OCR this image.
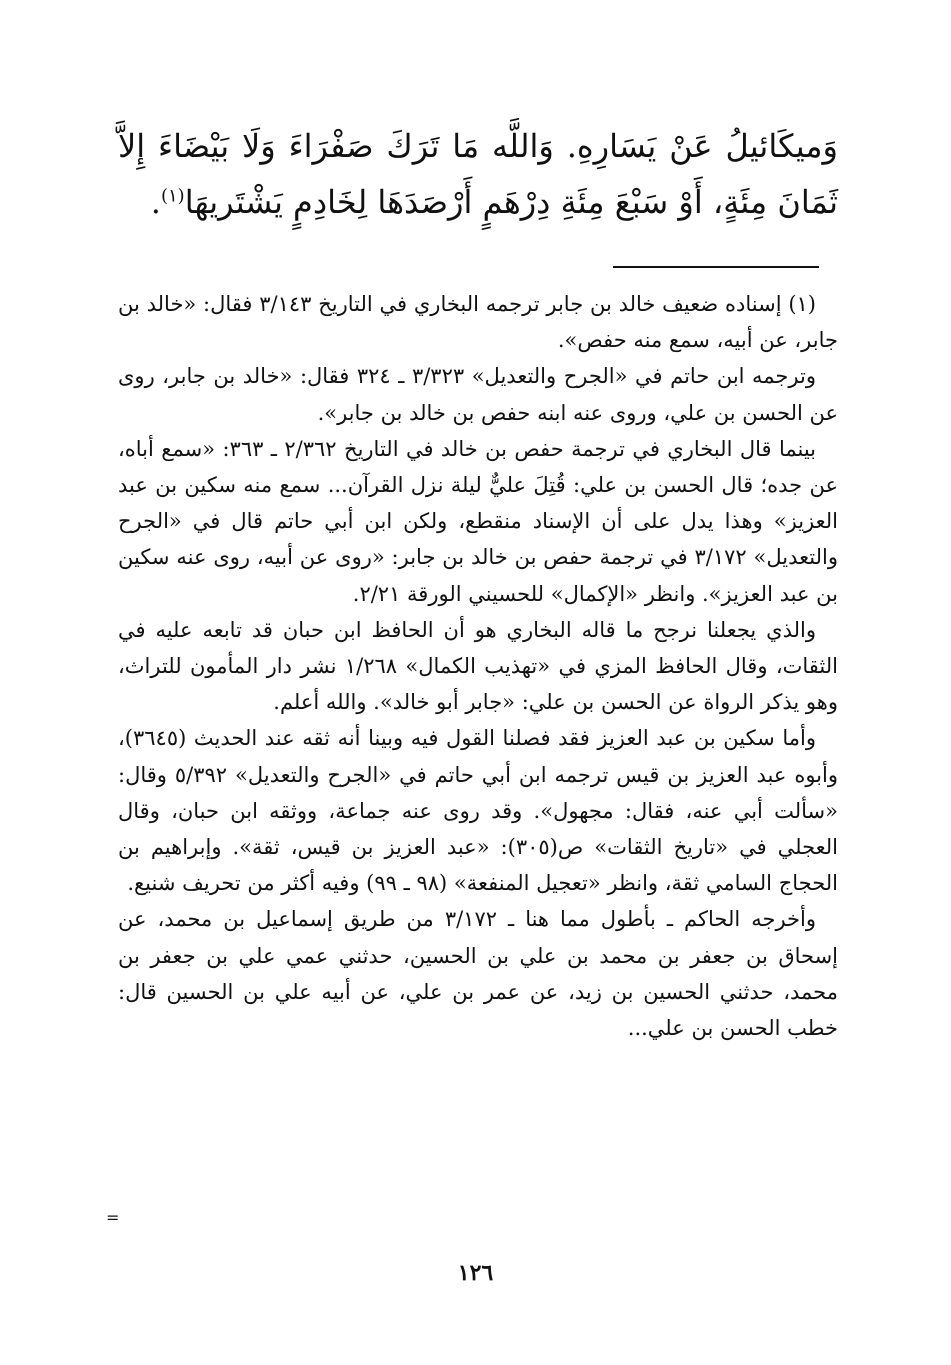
وَميكَائيلُ عَنْ يَسَارِهِ. وَاللَّه مَا تَرَكَ صَفْرَاءَ وَلَا بَيْضَاءَ إِلاَّ ثَمَانَ مِئَةٍ، أَوْ سَبْعَ مِئَةِ دِرْهَمٍ أَرْصَدَهَا لِخَادِمٍ يَشْتَريهَا$^{(١)}$.

(١) إسناده ضعيف خالد بن جابر ترجمه البخاري في التاريخ ٣/١٤٣ فقال: «خالد بن جابر، عن أبيه، سمع منه حفص».

وترجمه ابن حاتم في «الجرح والتعديل» ٣/٣٢٣ ـ ٣٢٤ فقال: «خالد بن جابر، روى عن الحسن بن علي، وروى عنه ابنه حفص بن خالد بن جابر».

بينما قال البخاري في ترجمة حفص بن خالد في التاريخ ٢/٣٦٢ ـ ٣٦٣: «سمع أباه، عن جده؛ قال الحسن بن علي: قُتِلَ عليٌّ ليلة نزل القرآن... سمع منه سكين بن عبد العزيز» وهذا يدل على أن الإسناد منقطع، ولكن ابن أبي حاتم قال في «الجرح والتعديل» ٣/١٧٢ في ترجمة حفص بن خالد بن جابر: «روى عن أبيه، روى عنه سكين بن عبد العزيز». وانظر «الإكمال» للحسيني الورقة ٢/٢١.

والذي يجعلنا نرجح ما قاله البخاري هو أن الحافظ ابن حبان قد تابعه عليه في الثقات، وقال الحافظ المزي في «تهذيب الكمال» ١/٢٦٨ نشر دار المأمون للتراث، وهو يذكر الرواة عن الحسن بن علي: «جابر أبو خالد». والله أعلم.

وأما سكين بن عبد العزيز فقد فصلنا القول فيه وبينا أنه ثقه عند الحديث (٣٦٤٥)، وأبوه عبد العزيز بن قيس ترجمه ابن أبي حاتم في «الجرح والتعديل» ٥/٣٩٢ وقال: «سألت أبي عنه، فقال: مجهول». وقد روى عنه جماعة، ووثقه ابن حبان، وقال العجلي في «تاريخ الثقات» ص(٣٠٥): «عبد العزيز بن قيس، ثقة». وإبراهيم بن الحجاج السامي ثقة، وانظر «تعجيل المنفعة» (٩٨ ـ ٩٩) وفيه أكثر من تحريف شنيع.

وأخرجه الحاكم ـ بأطول مما هنا ـ ٣/١٧٢ من طريق إسماعيل بن محمد، عن إسحاق بن جعفر بن محمد بن علي بن الحسين، حدثني عمي علي بن جعفر بن محمد، حدثني الحسين بن زيد، عن عمر بن علي، عن أبيه علي بن الحسين قال: خطب الحسن بن علي...

=
١٢٦
